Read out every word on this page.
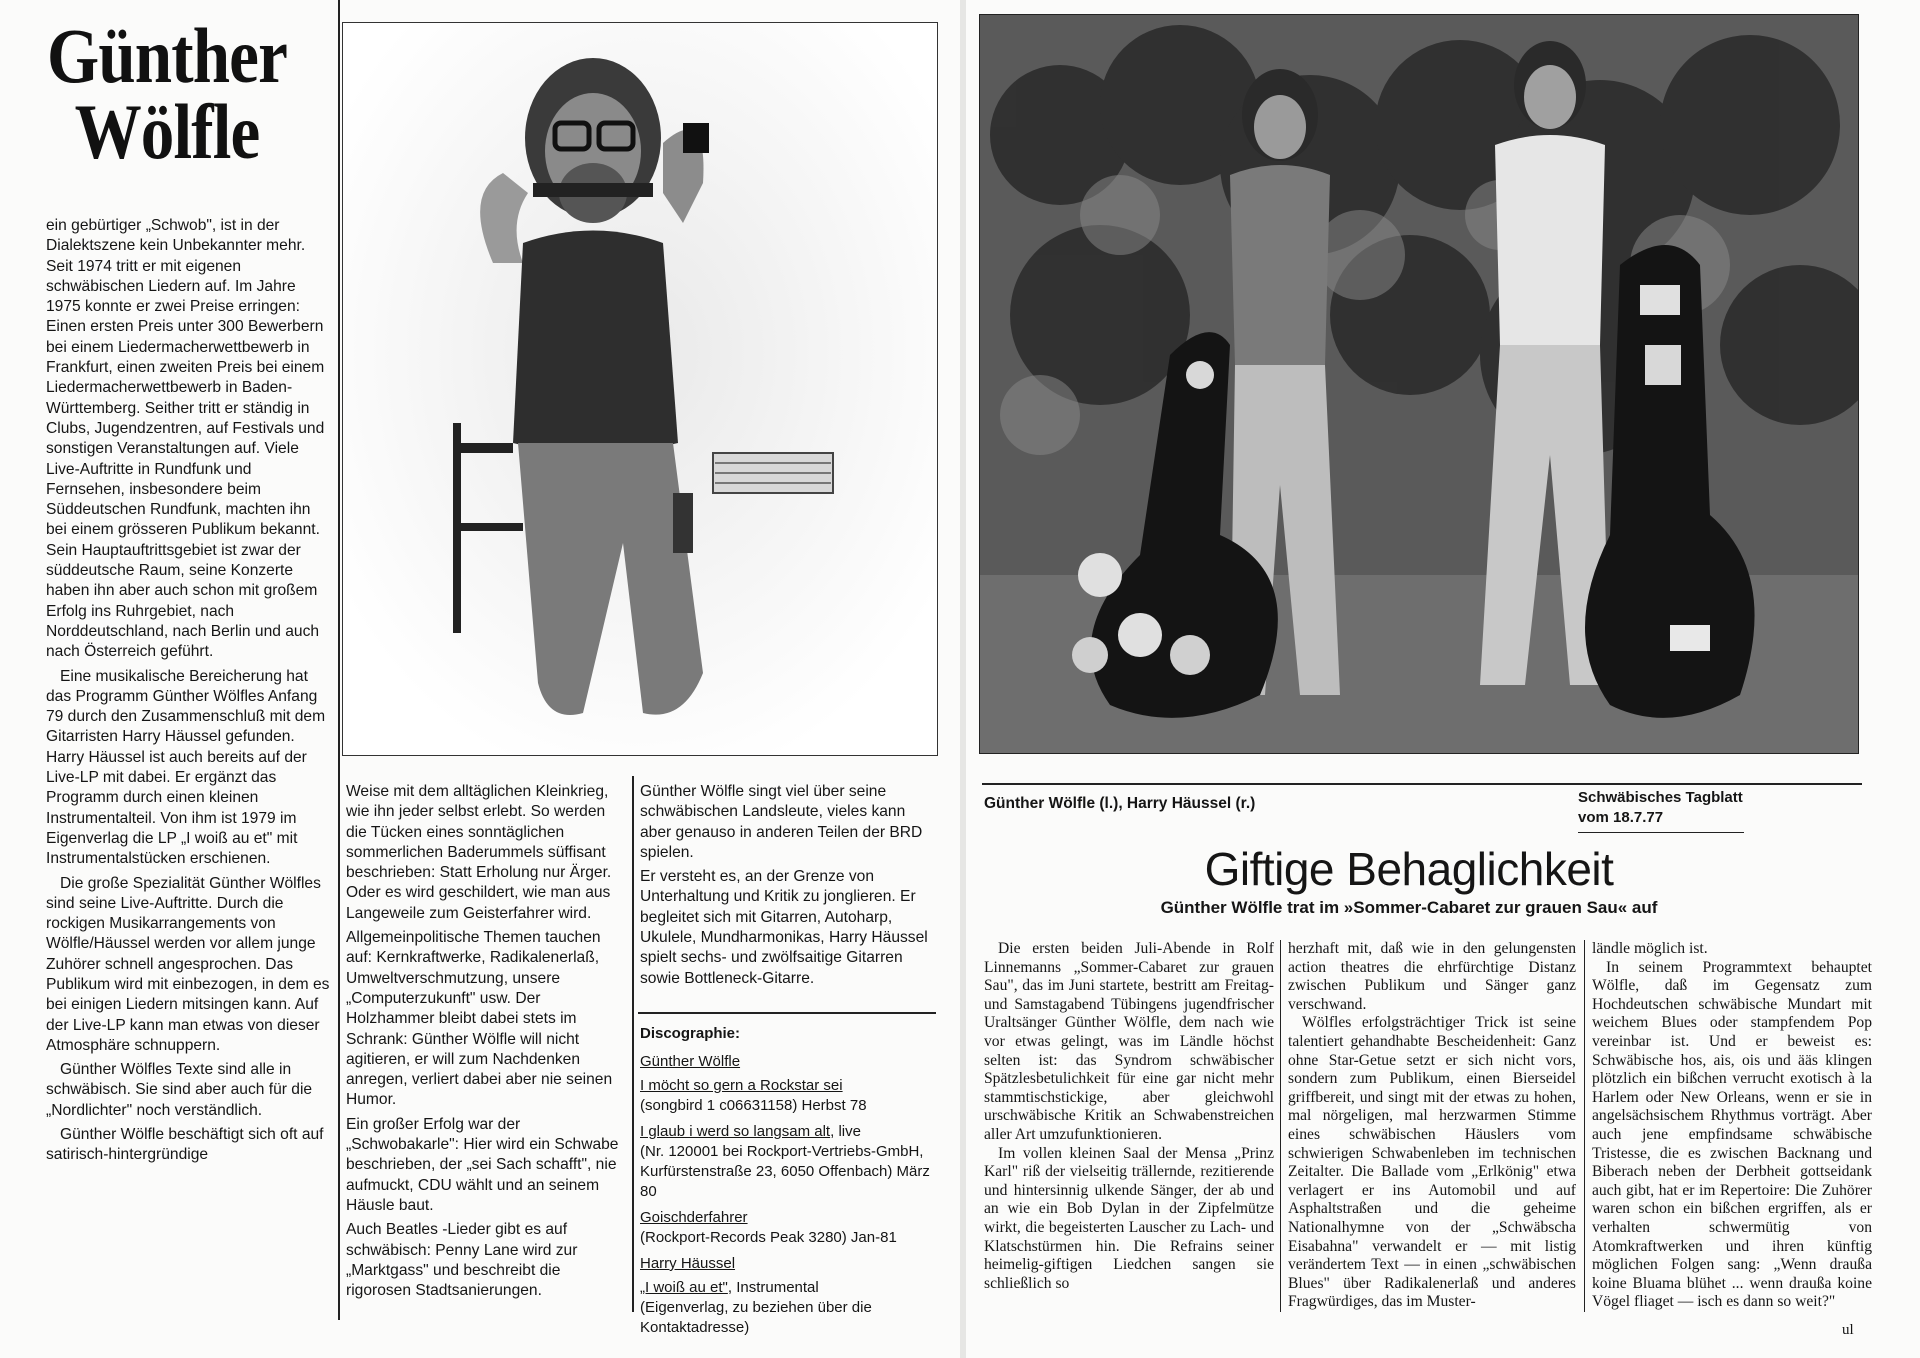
Günther
Wölfle

ein gebürtiger „Schwob", ist in der Dialektszene kein Unbekannter mehr. Seit 1974 tritt er mit eigenen schwäbischen Liedern auf. Im Jahre 1975 konnte er zwei Preise erringen: Einen ersten Preis unter 300 Bewerbern bei einem Liedermacherwettbewerb in Frankfurt, einen zweiten Preis bei einem Liedermacherwettbewerb in Baden-Württemberg. Seither tritt er ständig in Clubs, Jugendzentren, auf Festivals und sonstigen Veranstaltungen auf. Viele Live-Auftritte in Rundfunk und Fernsehen, insbesondere beim Süddeutschen Rundfunk, machten ihn bei einem grösseren Publikum bekannt. Sein Hauptauftrittsgebiet ist zwar der süddeutsche Raum, seine Konzerte haben ihn aber auch schon mit großem Erfolg ins Ruhrgebiet, nach Norddeutschland, nach Berlin und auch nach Österreich geführt.

Eine musikalische Bereicherung hat das Programm Günther Wölfles Anfang 79 durch den Zusammenschluß mit dem Gitarristen Harry Häussel gefunden. Harry Häussel ist auch bereits auf der Live-LP mit dabei. Er ergänzt das Programm durch einen kleinen Instrumentalteil. Von ihm ist 1979 im Eigenverlag die LP „I woiß au et" mit Instrumentalstücken erschienen.

Die große Spezialität Günther Wölfles sind seine Live-Auftritte. Durch die rockigen Musikarrangements von Wölfle/Häussel werden vor allem junge Zuhörer schnell angesprochen. Das Publikum wird mit einbezogen, in dem es bei einigen Liedern mitsingen kann. Auf der Live-LP kann man etwas von dieser Atmosphäre schnuppern.

Günther Wölfles Texte sind alle in schwäbisch. Sie sind aber auch für die „Nordlichter" noch verständlich.

Günther Wölfle beschäftigt sich oft auf satirisch-hintergründige

Weise mit dem alltäglichen Kleinkrieg, wie ihn jeder selbst erlebt. So werden die Tücken eines sonntäglichen sommerlichen Baderummels süffisant beschrieben: Statt Erholung nur Ärger. Oder es wird geschildert, wie man aus Langeweile zum Geisterfahrer wird.

Allgemeinpolitische Themen tauchen auf: Kernkraftwerke, Radikalenerlaß, Umweltverschmutzung, unsere „Computerzukunft" usw. Der Holzhammer bleibt dabei stets im Schrank: Günther Wölfle will nicht agitieren, er will zum Nachdenken anregen, verliert dabei aber nie seinen Humor.

Ein großer Erfolg war der „Schwobakarle": Hier wird ein Schwabe beschrieben, der „sei Sach schafft", nie aufmuckt, CDU wählt und an seinem Häusle baut.

Auch Beatles -Lieder gibt es auf schwäbisch: Penny Lane wird zur „Marktgass" und beschreibt die rigorosen Stadtsanierungen.

Günther Wölfle singt viel über seine schwäbischen Landsleute, vieles kann aber genauso in anderen Teilen der BRD spielen.

Er versteht es, an der Grenze von Unterhaltung und Kritik zu jonglieren. Er begleitet sich mit Gitarren, Autoharp, Ukulele, Mundharmonikas, Harry Häussel spielt sechs- und zwölfsaitige Gitarren sowie Bottleneck-Gitarre.

Discographie:
Günther Wölfle
I möcht so gern a Rockstar sei
(songbird 1 c06631158) Herbst 78
I glaub i werd so langsam alt, live
(Nr. 120001 bei Rockport-Vertriebs-GmbH, Kurfürstenstraße 23, 6050 Offenbach) März 80
Goischderfahrer
(Rockport-Records Peak 3280) Jan-81
Harry Häussel
„I woiß au et", Instrumental
(Eigenverlag, zu beziehen über die Kontaktadresse)
Günther Wölfle (l.), Harry Häussel (r.)	Schwäbisches Tagblatt
vom 18.7.77
Giftige Behaglichkeit
Günther Wölfle trat im »Sommer-Cabaret zur grauen Sau« auf

Die ersten beiden Juli-Abende in Rolf Linnemanns „Sommer-Cabaret zur grauen Sau", das im Juni startete, bestritt am Freitag- und Samstagabend Tübingens jugendfrischer Uraltsänger Günther Wölfle, dem nach wie vor etwas gelingt, was im Ländle höchst selten ist: das Syndrom schwäbischer Spätzlesbetulichkeit für eine gar nicht mehr stammtischstickige, aber gleichwohl urschwäbische Kritik an Schwabenstreichen aller Art umzufunktionieren.

Im vollen kleinen Saal der Mensa „Prinz Karl" riß der vielseitig trällernde, rezitierende und hintersinnig ulkende Sänger, der ab und an wie ein Bob Dylan in der Zipfelmütze wirkt, die begeisterten Lauscher zu Lach- und Klatschstürmen hin. Die Refrains seiner heimelig-giftigen Liedchen sangen sie schließlich so

herzhaft mit, daß wie in den gelungensten action theatres die ehrfürchtige Distanz zwischen Publikum und Sänger ganz verschwand.

Wölfles erfolgsträchtiger Trick ist seine talentiert gehandhabte Bescheidenheit: Ganz ohne Star-Getue setzt er sich nicht vors, sondern zum Publikum, einen Bierseidel griffbereit, und singt mit der etwas zu hohen, mal nörgeligen, mal herzwarmen Stimme eines schwäbischen Häuslers vom schwierigen Schwabenleben im technischen Zeitalter. Die Ballade vom „Erlkönig" etwa verlagert er ins Automobil und auf Asphaltstraßen und die geheime Nationalhymne von der „Schwäbscha Eisabahna" verwandelt er — mit listig verändertem Text — in einen „schwäbischen Blues" über Radikalenerlaß und anderes Fragwürdiges, das im Muster-

ländle möglich ist.

In seinem Programmtext behauptet Wölfle, daß im Gegensatz zum Hochdeutschen schwäbische Mundart mit weichem Blues oder stampfendem Pop vereinbar ist. Und er beweist es: Schwäbische hos, ais, ois und ääs klingen plötzlich ein bißchen verrucht exotisch à la Harlem oder New Orleans, wenn er sie in angelsächsischem Rhythmus vorträgt. Aber auch jene empfindsame schwäbische Tristesse, die es zwischen Backnang und Biberach neben der Derbheit gottseidank auch gibt, hat er im Repertoire: Die Zuhörer waren schon ein bißchen ergriffen, als er verhalten schwermütig von Atomkraftwerken und ihren künftig möglichen Folgen sang: „Wenn draußa koine Bluama blühet ... wenn draußa koine Vögel fliaget — isch es dann so weit?"

ul
